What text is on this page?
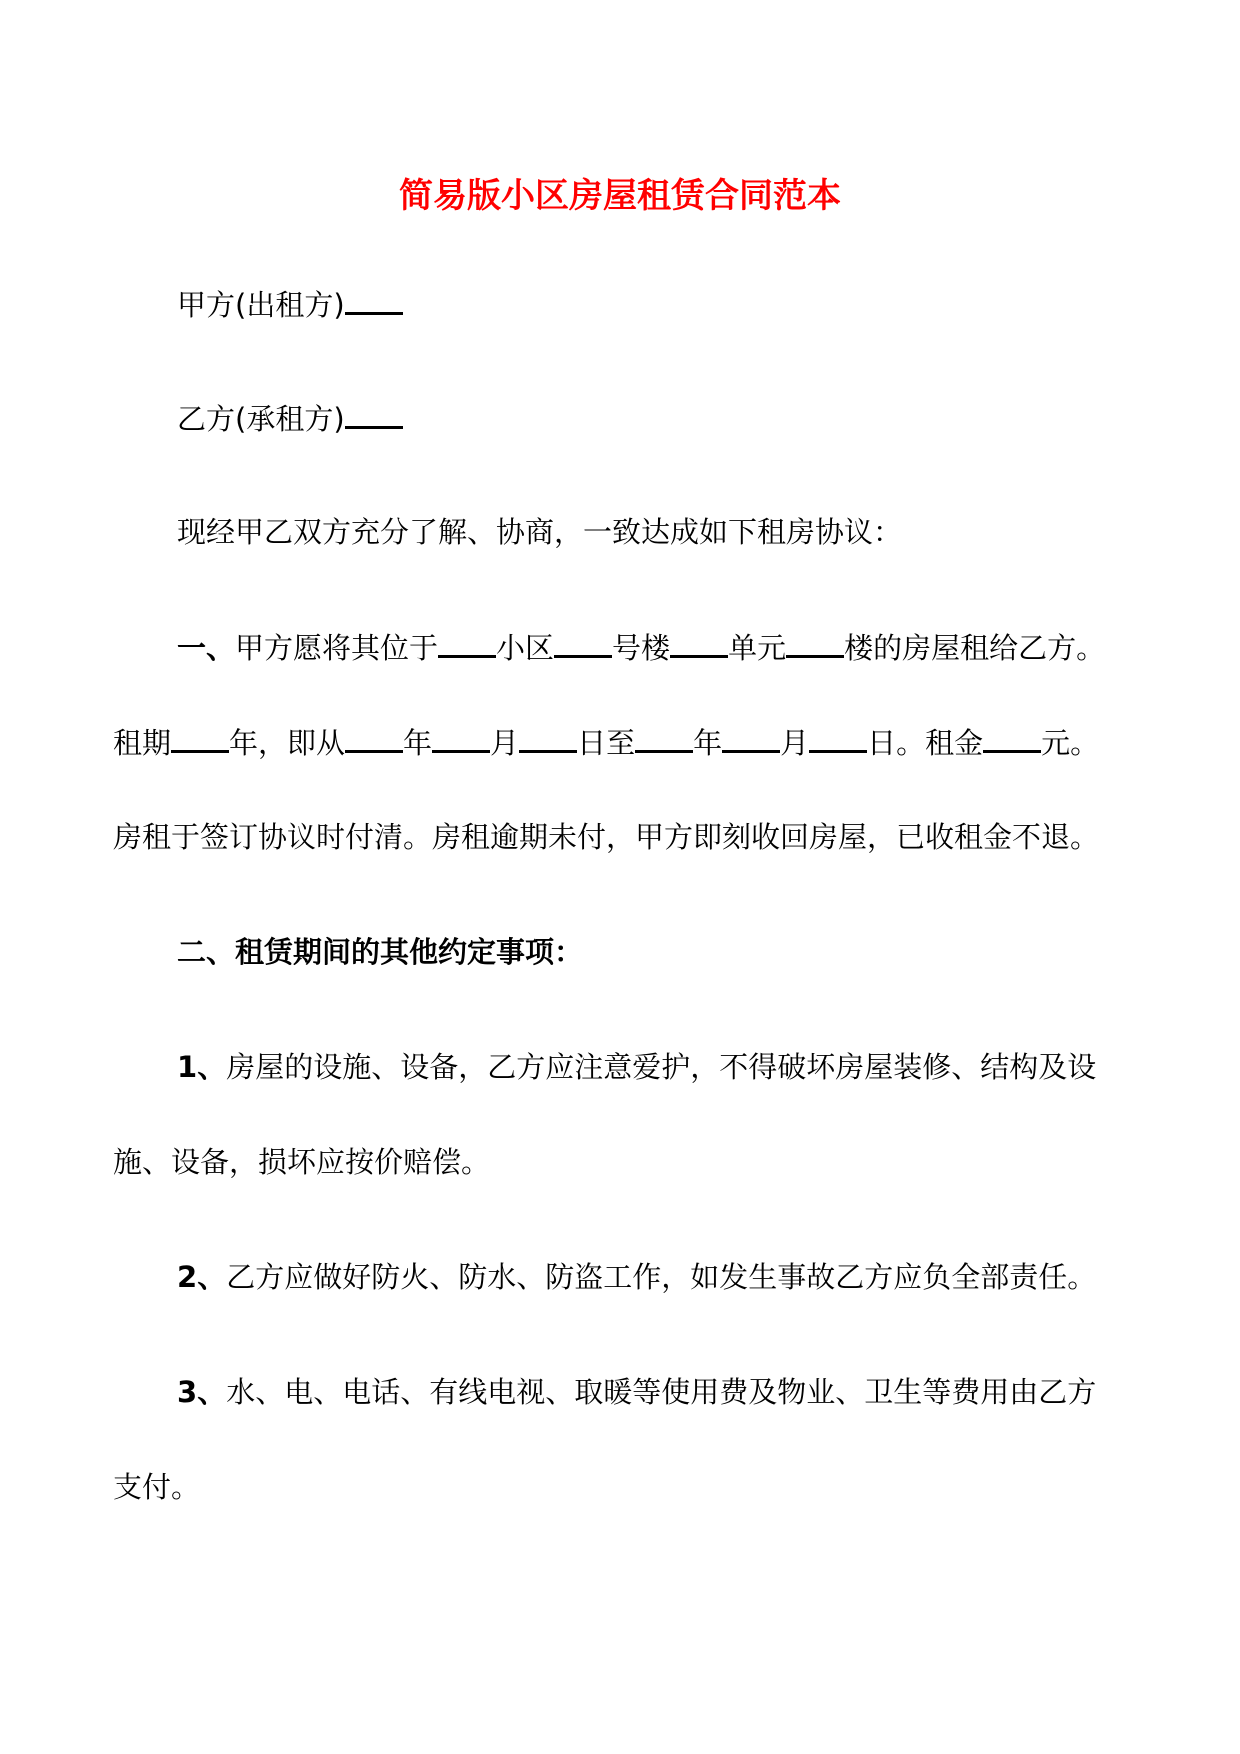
简易版小区房屋租赁合同范本
甲方(出租方)
乙方(承租方)
现经甲乙双方充分了解、协商，一致达成如下租房协议：
一、甲方愿将其位于 小区 号楼 单元 楼的房屋租给乙方。
租期 年，即从 年 月 日至 年 月 日。租金 元。
房租于签订协议时付清。房租逾期未付，甲方即刻收回房屋，已收租金不退。
二、租赁期间的其他约定事项：
1、房屋的设施、设备，乙方应注意爱护，不得破坏房屋装修、结构及设
施、设备，损坏应按价赔偿。
2、乙方应做好防火、防水、防盗工作，如发生事故乙方应负全部责任。
3、水、电、电话、有线电视、取暖等使用费及物业、卫生等费用由乙方
支付。
